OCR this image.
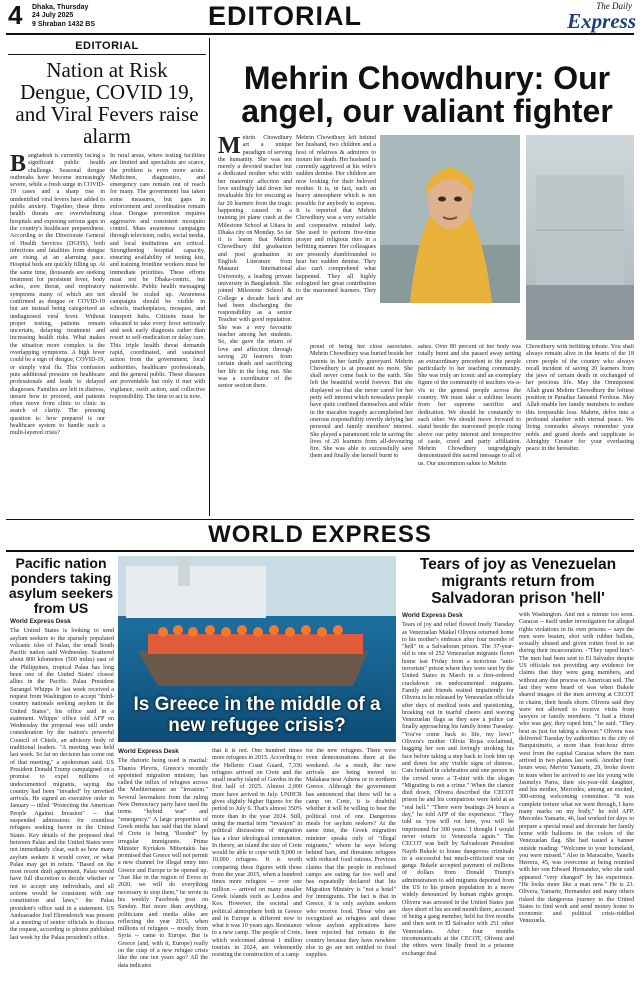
4 Dhaka, Thursday
24 July 2025
9 Shraban 1432 BS	EDITORIAL	The Daily
Express
EDITORIAL
Nation at Risk Dengue, COVID 19, and Viral Fevers raise alarm
B angladesh is currently facing a significant public health challenge. Seasonal dengue outbreaks have become increasingly severe, while a fresh surge in COVID-19 cases and a sharp rise in unidentified viral fevers have added to public anxiety. Together, these three health threats are overwhelming hospitals and exposing serious gaps in the country's healthcare preparedness. According to the Directorate General of Health Services (DGHS), both infections and fatalities from dengue are rising at an alarming pace. Hospital beds are quickly filling up. At the same time, thousands are seeking treatment for persistent fever, body aches, sore throat, and respiratory symptoms many of which are not confirmed as dengue or COVID-19 but are instead being categorized as undiagnosed viral fever. Without proper testing, patients remain uncertain, delaying treatment and increasing health risks. What makes the situation more complex is the overlapping symptoms. A high fever could be a sign of dengue, COVID-19, or simply viral flu. This confusion puts additional pressure on healthcare professionals and leads to delayed diagnoses. Families are left in distress, unsure how to proceed, and patients often move from clinic to clinic in search of clarity. The pressing question is: how prepared is our healthcare system to handle such a multi-layered crisis?
In rural areas, where testing facilities are limited and specialists are scarce, the problem is even more acute. Medicines, diagnostics, and emergency care remain out of reach for many. The government has taken some measures, but gaps in enforcement and coordination remain clear. Dengue prevention requires aggressive and consistent mosquito control. Mass awareness campaigns through television, radio, social media, and local institutions are critical. Strengthening hospital capacity, ensuring availability of testing kits, and training frontline workers must be immediate priorities. These efforts must not be Dhaka-centric, but nationwide. Public health messaging should be scaled up. Awareness campaigns should be visible in schools, marketplaces, mosques, and transport hubs. Citizens must be educated to take every fever seriously and seek early diagnosis rather than resort to self-medication or delay care. This triple health threat demands rapid, coordinated, and sustained action from the government, local authorities, healthcare professionals, and the general public. These diseases are preventable but only if met with vigilance, swift action, and collective responsibility. The time to act is now.
Mehrin Chowdhury: Our angel, our valiant fighter
M ehrin Chowdhury art a unique paradigm of serving the humanity. She was not merely a devoted teacher but a dedicated mother who with her maternity affection and love smilingly laid down her invaluable life for rescuing as far 20 learners from the tragic happening caused in a training jet plane crash at the Milestone School at Uttara in Dhaka city on Monday. So far it is learnt that Mehrin Chowdhury did graduation and post graduation in English Literature from Manarat International University, a leading private university in Bangladesh. She joined Milestone School & College a decade back and had been discharging the responsibility as a senior Teacher with good reputation. She was a very favourite teacher among her students. So, she gave the return of love and affection through saving 20 learners from certain death and sacrificing her life in the long run. She was a coordinator of the senior section there.
Mehrin Chowdhury left behind her husband, two children and a host of relatives & admirers to mourn her death. Her husband is currently aggrieved at his wife's sudden demise. Her children are now looking for their beloved mother. It is, in fact, such an heavy atmosphere which is not possible for anybody to express. It is reported that Mehrin Chowdhury was a very sociable and cooperative minded lady. She used to perform five-time prayer and religious rites in a befitting manner. Her colleagues are presently dumbfounded to hear her sudden demise. They also can't comprehend what happened. They all highly eulogized her great contribution to the marooned learners. They are
proud of being her close associates. Mehrin Chowdhury was buried beside her parents in her family graveyard. Mehrin Chowdhury is at present no more. She shall never come back to the earth. She left the beautiful world forever. But she displayed so that she never cared for her petty self interest which nowadays people have quite confined themselves and while in the macabre tragedy accomplished her onerous responsibility overtly defying her personal and family members' interest. She played a paramount role in saving the lives of 20 learners from all-devouring fire. She was able to successfully save them and finally she herself burnt to
ashes. Over 80 percent of her body was totally burnt and she passed away setting an extraordinary precedent to the people particularly to her teaching community. She was truly an iconic and an exemplary figure of the community of teachers vis-a-vis to the general people across the country. We must take a sublime lesson from her supreme sacrifice and dedication. We should be constantly to each other. We should move forward to stand beside the marooned people rising above our petty interest and irrespective of caste, creed and party affiliation. Mehrin Chowdhury ungrudgingly demonstrated this sacred message to all of us. Our uncommon salute to Mehrin
Chowdhury with befitting tribute. You shall always remain alive in the hearts of the 18 crore people of the country who always recall incident of saving 20 learners from the jaws of certain death in exchanged of her precious life. May the Omnipotent Allah grant Mehrin Chowdhury the loftiest position in Paradise Jannatul Ferdous. May Allah enable her family members to endure this irreparable loss. Mahrin, delve into a profound slumber with eternal peace. We living comrades always remember your noble and grand deeds and supplicate to Almighty Creator for your everlasting peace in the hereafter.
WORLD EXPRESS
Pacific nation ponders taking asylum seekers from US
World Express Desk
The United States is looking to send asylum seekers to the sparsely populated volcanic isles of Palau, the small South Pacific nation said Wednesday. Scattered about 800 kilometres (500 miles) east of the Philippines, tropical Palau has long been one of the United States' closest allies in the Pacific. Palau President Surangel Whipps Jr last week received a request from Washington to accept "third-country nationals seeking asylum in the United States", his office said in a statement. Whipps' office told AFP on Wednesday the proposal was still under consideration by the nation's powerful Council of Chiefs, an advisory body of traditional leaders. "A meeting was held last week. So far no decision has come out of that meeting," a spokesman said. US President Donald Trump campaigned on a promise to expel millions of undocumented migrants, saying the country had been "invaded" by unvetted arrivals. He signed an executive order in January -- titled "Protecting the American People Against Invasion" -- that suspended admissions for countless refugees seeking haven in the United States. Key details of the proposed deal between Palau and the United States were not immediately clear, such as how many asylum seekers it would cover, or what Palau may get in return. "Based on the most recent draft agreement, Palau would have full discretion to decide whether or not to accept any individuals, and all actions would be consistent with our constitution and laws," the Palau president's office said in a statement. US Ambassador Joel Ehrendreich was present at a meeting of senior officials to discuss the request, according to photos published last week by the Palau president's office.
Is Greece in the middle of a new refugee crisis?
World Express Desk
The rhetoric being used is martial: Thanos Plevris, Greece's recently appointed migration minister, has called the influx of refugees across the Mediterranean an "invasion." Several lawmakers from the ruling New Democracy party have used the terms "hybrid war" and "emergency." A large proportion of Greek media has said that the island of Crete is being "flooded" by irregular immigrants. Prime Minister Kyriakos Mitsotakis has promised that Greece will not permit a new channel for illegal entry into Greece and Europe to be opened up. "Just like in the region of Evros in 2020, we will do everything necessary to stop them," he wrote in his weekly Facebook post on Sunday. But more than anything, politicians and media alike are reflecting the year 2015, when millions of refugees -- mostly from Syria -- came to Europe. But is Greece (and, with it, Europe) really on the cusp of a new refugee crisis like the one ten years ago? All the data indicates
that it is not. One hundred times more refugees in 2015. According to the Hellenic Coast Guard, 7,336 refugees arrived on Crete and the small nearby island of Gavdos in the first half of 2025. Almost 2,000 more have arrived in July. UNHCR gives slightly higher figures for the period to July 6. That's almost 350% more than in the year 2024. Still, using the martial term "invasion" in political discussions of migration has a clear ideological connotation. In theory, an island the size of Crete would be able to cope with 9,000 or 10,000 refugees. It is worth comparing these figures with those from the year 2015, when a hundred times more refugees -- over one million -- arrived on many smaller Greek islands such as Lesbos and Kos. However, the societal and political atmosphere both in Greece and in Europe is different now to what it was 10 years ago. Resistance to a new camp. The people of Crete, which welcomed almost 1 million tourists in 2024, are vehemently resisting the construction of a camp
for the new refugees. There were even demonstrations there at the weekend. As a result, the new arrivals are being moved to Malakasa near Athens or to northern Greece. Although the government has announced that there will be a camp on Crete, it is doubtful whether it will be willing to bear the political cost of one. Dangerous meals for asylum seekers? At the same time, the Greek migration minister speaks only of "illegal migrants," whom he says belong behind bars, and threatens refugees with reduced food rations. Previous claims that the people in enclosed camps are eating far too well and has repeatedly declared that his Migration Ministry is "not a hotel" for immigrants. The fact is that in Greece, it is only asylum seekers who receive food. Those who are recognized as refugees and those whose asylum applications have been rejected but remain in the country because they have nowhere else to go are not entitled to food supplies.
Tears of joy as Venezuelan migrants return from Salvadoran prison 'hell'
World Express Desk
Tears of joy and relief flowed freely Tuesday as Venezuelan Maikel Olivera returned home to his mother's embrace after four months of "hell" in a Salvadoran prison. The 37-year-old is one of 252 Venezuelan migrants flown home last Friday from a notorious "anti-terrorism" prison where they were sent by the United States in March in a first-ordered crackdown on undocumented migrants. Family and friends waited impatiently for Olivera to be released by Venezuelan officials after days of medical tests and questioning, breaking out in tearful cheers and waving Venezuelan flags as they saw a police car finally approaching his family home Tuesday. "You've come back to life, my love!" Olivera's mother Olivia Rojas exclaimed, hugging her son and lovingly stroking his face before taking a step back to look him up and down for any visible signs of distress. Cars honked in celebration and one person in the crowd wore a T-shirt with the slogan "Migrating is not a crime." When the clamor died down, Olivera described the CECOT prison he and his compatriots were held at as "real hell." "There were beatings 24 hours a day," he told AFP of the experience. "They told us 'you will rot here, you will be imprisoned for 300 years.' I thought I would never return to Venezuela again." The CECOT was built by Salvadoran President Nayib Bukele to house dangerous criminals in a successful but much-criticized war on gangs. Bukele accepted payment of millions of dollars from Donald Trump's administration to add migrants deported from the US to his prison population in a move widely denounced by human rights groups. Olivera was arrested in the United States just days short of his second month there, accused of being a gang member, held for five months and then sent to El Salvador with 251 other Venezuelans. After four months incommunicado at the CECOT, Olivera and the others were finally freed in a prisoner exchange deal
with Washington. And not a minute too soon. Caracas -- itself under investigation for alleged rights violations in its own prisons -- says the men were beaten, shot with rubber bullets, sexually abused and given rotten food to eat during their incarceration. -"They raped him"- The men had been sent to El Salvador despite US officials not providing any evidence for claims that they were gang members, and without any due process on American soil. The last they were heard of was when Bukele shared images of the men arriving at CECOT in chains, their heads shorn. Olivera said they were not allowed to receive visits from lawyers or family members. "I had a friend who was gay, they raped him," he said. "They beat us just for taking a shower." Olivera was delivered Tuesday by authorities to the city of Barquisimeto, a more than four-hour drive west from the capital Caracas where the men arrived in two planes last week. Another four hours west, Mervin Yamarte, 29, broke down in tears when he arrived to see his young wife Jasmelys Parra, their six-year-old daughter, and his mother, Mercedes, among an excited, 300-strong welcoming committee. "It was complete torture what we went through, I have many marks on my body," he told AFP. Mercedes Yamarte, 46, had worked for days to prepare a special meal and decorate her family home with balloons in the colors of the Venezuelan flag. She had issued a banner outside reading: "Welcome to your homeland, you were missed." Also in Maracaibo, Yanelis Herrera, 45, was overcome at being reunited with her son Edward Hernandez, who she said appeared "very changed" by his experience. "He looks more like a man now." He is 23. Olivera, Yamarte, Hernandez and many others risked the dangerous journey to the United States to find work and send money home to economic and political crisis-riddled Venezuela.
